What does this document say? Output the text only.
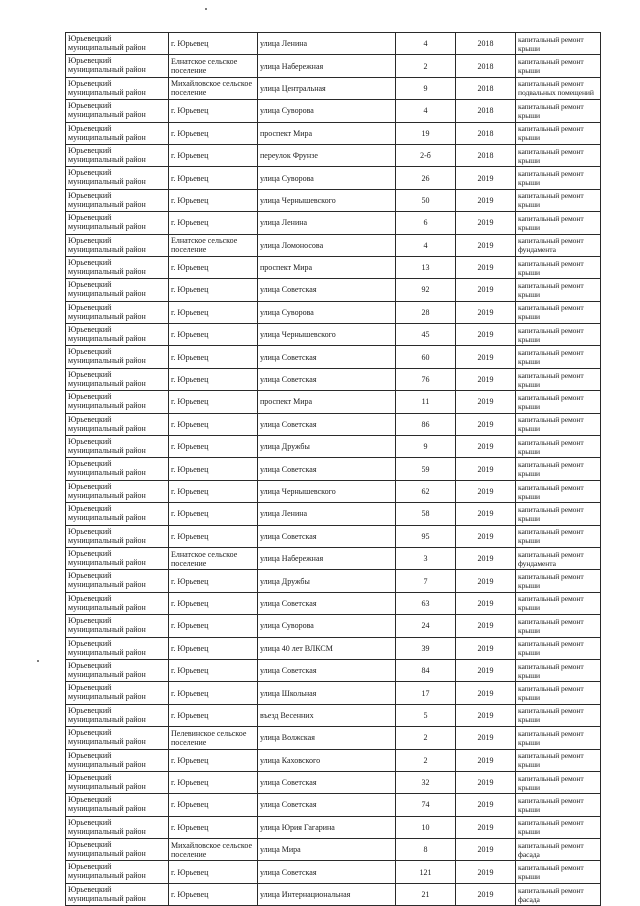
Юрьевецкий муниципальный район	г. Юрьевец	улица Ленина	4	2018	капитальный ремонт крыши
Юрьевецкий муниципальный район	Елнатское сельское поселение	улица Набережная	2	2018	капитальный ремонт крыши
Юрьевецкий муниципальный район	Михайловское сельское поселение	улица Центральная	9	2018	капитальный ремонт подвальных помещений
Юрьевецкий муниципальный район	г. Юрьевец	улица Суворова	4	2018	капитальный ремонт крыши
Юрьевецкий муниципальный район	г. Юрьевец	проспект Мира	19	2018	капитальный ремонт крыши
Юрьевецкий муниципальный район	г. Юрьевец	переулок Фрунзе	2-б	2018	капитальный ремонт крыши
Юрьевецкий муниципальный район	г. Юрьевец	улица Суворова	26	2019	капитальный ремонт крыши
Юрьевецкий муниципальный район	г. Юрьевец	улица Чернышевского	50	2019	капитальный ремонт крыши
Юрьевецкий муниципальный район	г. Юрьевец	улица Ленина	6	2019	капитальный ремонт крыши
Юрьевецкий муниципальный район	Елнатское сельское поселение	улица Ломоносова	4	2019	капитальный ремонт фундамента
Юрьевецкий муниципальный район	г. Юрьевец	проспект Мира	13	2019	капитальный ремонт крыши
Юрьевецкий муниципальный район	г. Юрьевец	улица Советская	92	2019	капитальный ремонт крыши
Юрьевецкий муниципальный район	г. Юрьевец	улица Суворова	28	2019	капитальный ремонт крыши
Юрьевецкий муниципальный район	г. Юрьевец	улица Чернышевского	45	2019	капитальный ремонт крыши
Юрьевецкий муниципальный район	г. Юрьевец	улица Советская	60	2019	капитальный ремонт крыши
Юрьевецкий муниципальный район	г. Юрьевец	улица Советская	76	2019	капитальный ремонт крыши
Юрьевецкий муниципальный район	г. Юрьевец	проспект Мира	11	2019	капитальный ремонт крыши
Юрьевецкий муниципальный район	г. Юрьевец	улица Советская	86	2019	капитальный ремонт крыши
Юрьевецкий муниципальный район	г. Юрьевец	улица Дружбы	9	2019	капитальный ремонт крыши
Юрьевецкий муниципальный район	г. Юрьевец	улица Советская	59	2019	капитальный ремонт крыши
Юрьевецкий муниципальный район	г. Юрьевец	улица Чернышевского	62	2019	капитальный ремонт крыши
Юрьевецкий муниципальный район	г. Юрьевец	улица Ленина	58	2019	капитальный ремонт крыши
Юрьевецкий муниципальный район	г. Юрьевец	улица Советская	95	2019	капитальный ремонт крыши
Юрьевецкий муниципальный район	Елнатское сельское поселение	улица Набережная	3	2019	капитальный ремонт фундамента
Юрьевецкий муниципальный район	г. Юрьевец	улица Дружбы	7	2019	капитальный ремонт крыши
Юрьевецкий муниципальный район	г. Юрьевец	улица Советская	63	2019	капитальный ремонт крыши
Юрьевецкий муниципальный район	г. Юрьевец	улица Суворова	24	2019	капитальный ремонт крыши
Юрьевецкий муниципальный район	г. Юрьевец	улица 40 лет ВЛКСМ	39	2019	капитальный ремонт крыши
Юрьевецкий муниципальный район	г. Юрьевец	улица Советская	84	2019	капитальный ремонт крыши
Юрьевецкий муниципальный район	г. Юрьевец	улица Школьная	17	2019	капитальный ремонт крыши
Юрьевецкий муниципальный район	г. Юрьевец	въезд Весенних	5	2019	капитальный ремонт крыши
Юрьевецкий муниципальный район	Пелевинское сельское поселение	улица Волжская	2	2019	капитальный ремонт крыши
Юрьевецкий муниципальный район	г. Юрьевец	улица Каховского	2	2019	капитальный ремонт крыши
Юрьевецкий муниципальный район	г. Юрьевец	улица Советская	32	2019	капитальный ремонт крыши
Юрьевецкий муниципальный район	г. Юрьевец	улица Советская	74	2019	капитальный ремонт крыши
Юрьевецкий муниципальный район	г. Юрьевец	улица Юрия Гагарина	10	2019	капитальный ремонт крыши
Юрьевецкий муниципальный район	Михайловское сельское поселение	улица Мира	8	2019	капитальный ремонт фасада
Юрьевецкий муниципальный район	г. Юрьевец	улица Советская	121	2019	капитальный ремонт крыши
Юрьевецкий муниципальный район	г. Юрьевец	улица Интернациональная	21	2019	капитальный ремонт фасада
